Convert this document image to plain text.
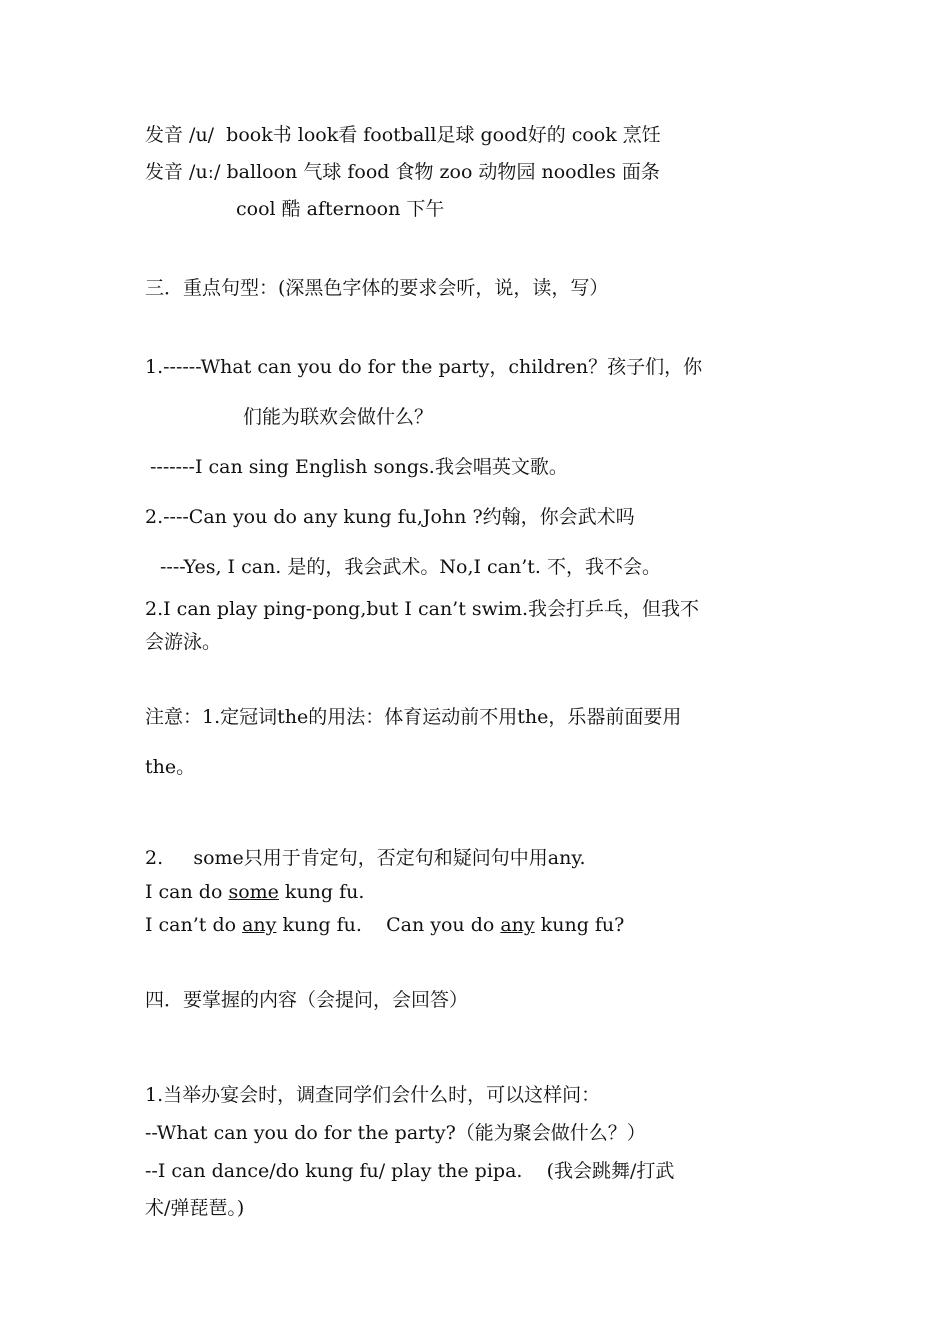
发音 /u/  book书 look看 football足球 good好的 cook 烹饪
发音 /uː/ balloon 气球 food 食物 zoo 动物园 noodles 面条
cool 酷 afternoon 下午
三．重点句型：(深黑色字体的要求会听，说，读，写）
1.------What can you do for the party，children？孩子们，你
们能为联欢会做什么？
-------I can sing English songs.我会唱英文歌。
2.----Can you do any kung fu,John ?约翰，你会武术吗
----Yes, I can. 是的，我会武术。No,I can’t. 不，我不会。
2.I can play ping-pong,but I can’t swim.我会打乒乓，但我不
会游泳。
注意：1.定冠词the的用法：体育运动前不用the，乐器前面要用
the。
2.     some只用于肯定句，否定句和疑问句中用any.
I can do some kung fu.
I can’t do any kung fu.    Can you do any kung fu?
四．要掌握的内容（会提问，会回答）
1.当举办宴会时，调查同学们会什么时，可以这样问：
--What can you do for the party?（能为聚会做什么？）
--I can dance/do kung fu/ play the pipa.    (我会跳舞/打武
术/弹琵琶。)
